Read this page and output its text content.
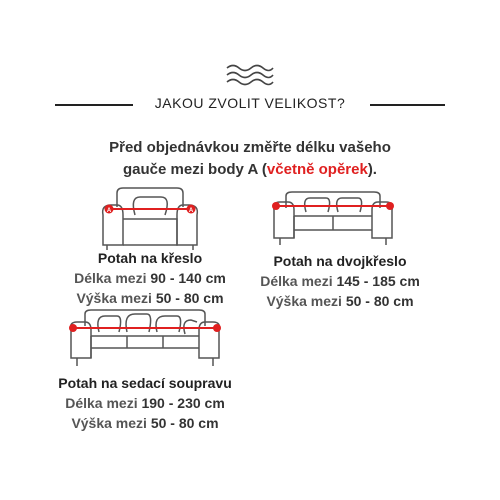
JAKOU ZVOLIT VELIKOST?
Před objednávkou změřte délku vašeho
gauče mezi body A (včetně opěrek).
A	A
Potah na křeslo
Délka mezi 90 - 140 cm
Výška mezi 50 - 80 cm
Potah na dvojkřeslo
Délka mezi 145 - 185 cm
Výška mezi 50 - 80 cm
Potah na sedací soupravu
Délka mezi 190 - 230 cm
Výška mezi 50 - 80 cm
